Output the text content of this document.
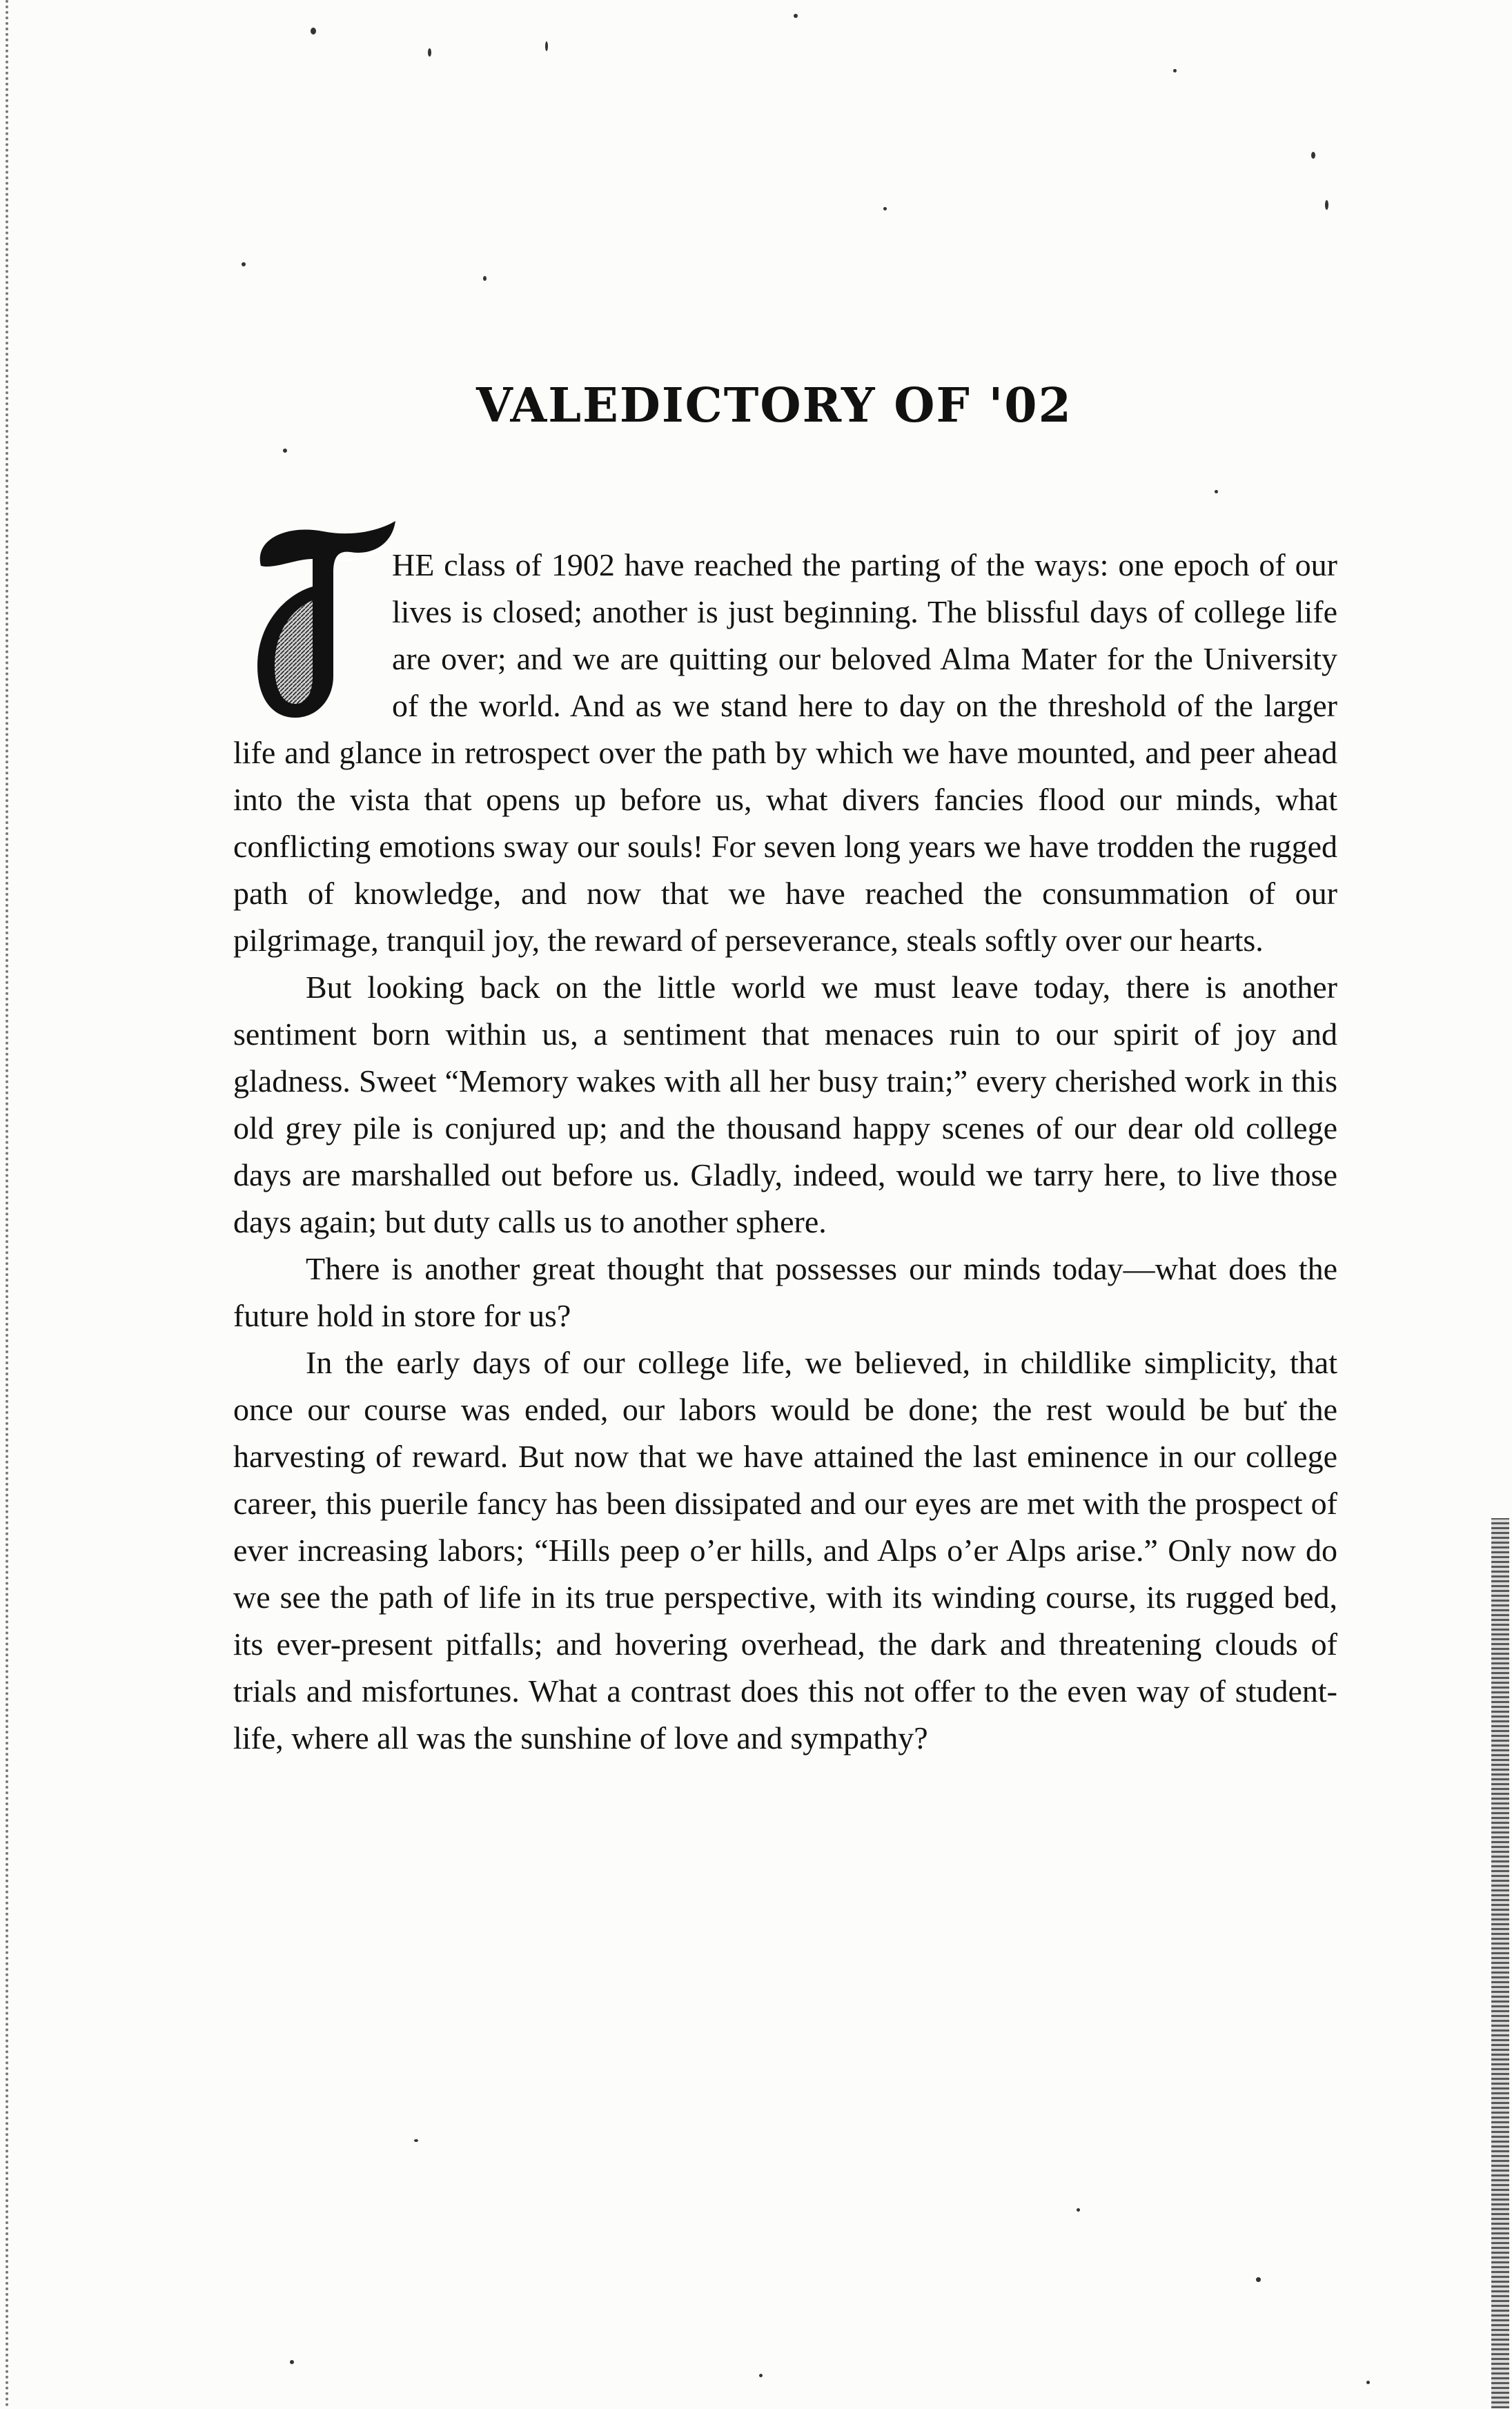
VALEDICTORY OF '02

HE class of 1902 have reached the parting of the ways: one epoch of our lives is closed; another is just beginning. The blissful days of college life are over; and we are quitting our beloved Alma Mater for the University of the world. And as we stand here to day on the threshold of the larger life and glance in retrospect over the path by which we have mounted, and peer ahead into the vista that opens up before us, what divers fancies flood our minds, what conflicting emotions sway our souls! For seven long years we have trodden the rugged path of knowledge, and now that we have reached the consummation of our pilgrimage, tranquil joy, the reward of perseverance, steals softly over our hearts.

But looking back on the little world we must leave today, there is another sentiment born within us, a sentiment that menaces ruin to our spirit of joy and gladness. Sweet “Memory wakes with all her busy train;” every cherished work in this old grey pile is conjured up; and the thousand happy scenes of our dear old college days are marshalled out before us. Gladly, indeed, would we tarry here, to live those days again; but duty calls us to another sphere.

There is another great thought that possesses our minds today—what does the future hold in store for us?

In the early days of our college life, we believed, in childlike simplicity, that once our course was ended, our labors would be done; the rest would be but the harvesting of reward. But now that we have attained the last eminence in our college career, this puerile fancy has been dissipated and our eyes are met with the prospect of ever increasing labors; “Hills peep o’er hills, and Alps o’er Alps arise.” Only now do we see the path of life in its true perspective, with its winding course, its rugged bed, its ever-present pitfalls; and hovering overhead, the dark and threatening clouds of trials and misfortunes. What a contrast does this not offer to the even way of student-life, where all was the sunshine of love and sympathy?
